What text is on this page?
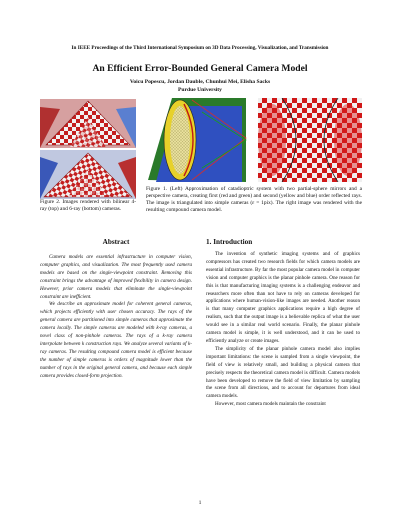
In IEEE Proceedings of the Third International Symposium on 3D Data Processing, Visualization, and Transmission
An Efficient Error-Bounded General Camera Model
Voicu Popescu, Jordan Dauble, Chunhui Mei, Elisha Sacks
Purdue University
Figure 2. Images rendered with bilinear 4-ray (top) and 6-ray (bottom) cameras.
Figure 1. (Left) Approximation of catadioptric system with two partial-sphere mirrors and a perspective camera, creating first (red and green) and second (yellow and blue) order reflected rays. The image is triangulated into simple cameras (ε = 1pix). The right image was rendered with the resulting compound camera model.
Abstract	1. Introduction

Camera models are essential infrastructure in computer vision, computer graphics, and visualization. The most frequently used camera models are based on the single-viewpoint constraint. Removing this constraint brings the advantage of improved flexibility in camera design. However, prior camera models that eliminate the single-viewpoint constraint are inefficient.

We describe an approximate model for coherent general cameras, which projects efficiently with user chosen accuracy. The rays of the general camera are partitioned into simple cameras that approximate the camera locally. The simple cameras are modeled with k-ray cameras, a novel class of non-pinhole cameras. The rays of a k-ray camera interpolate between k construction rays. We analyze several variants of k-ray cameras. The resulting compound camera model is efficient because the number of simple cameras is orders of magnitude lower than the number of rays in the original general camera, and because each simple camera provides closed-form projection.

The invention of synthetic imaging systems and of graphics compressors has created two research fields for which camera models are essential infrastructure. By far the most popular camera model in computer vision and computer graphics is the planar pinhole camera. One reason for this is that manufacturing imaging systems is a challenging endeavor and researchers more often than not have to rely on cameras developed for applications where human-vision-like images are needed. Another reason is that many computer graphics applications require a high degree of realism, such that the output image is a believable replica of what the user would see in a similar real world scenario. Finally, the planar pinhole camera model is simple, it is well understood, and it can be used to efficiently analyze or create images.

The simplicity of the planar pinhole camera model also implies important limitations: the scene is sampled from a single viewpoint, the field of view is relatively small, and building a physical camera that precisely respects the theoretical camera model is difficult. Camera models have been developed to remove the field of view limitation by sampling the scene from all directions, and to account for departures from ideal camera models.

However, most camera models maintain the constraint

1
